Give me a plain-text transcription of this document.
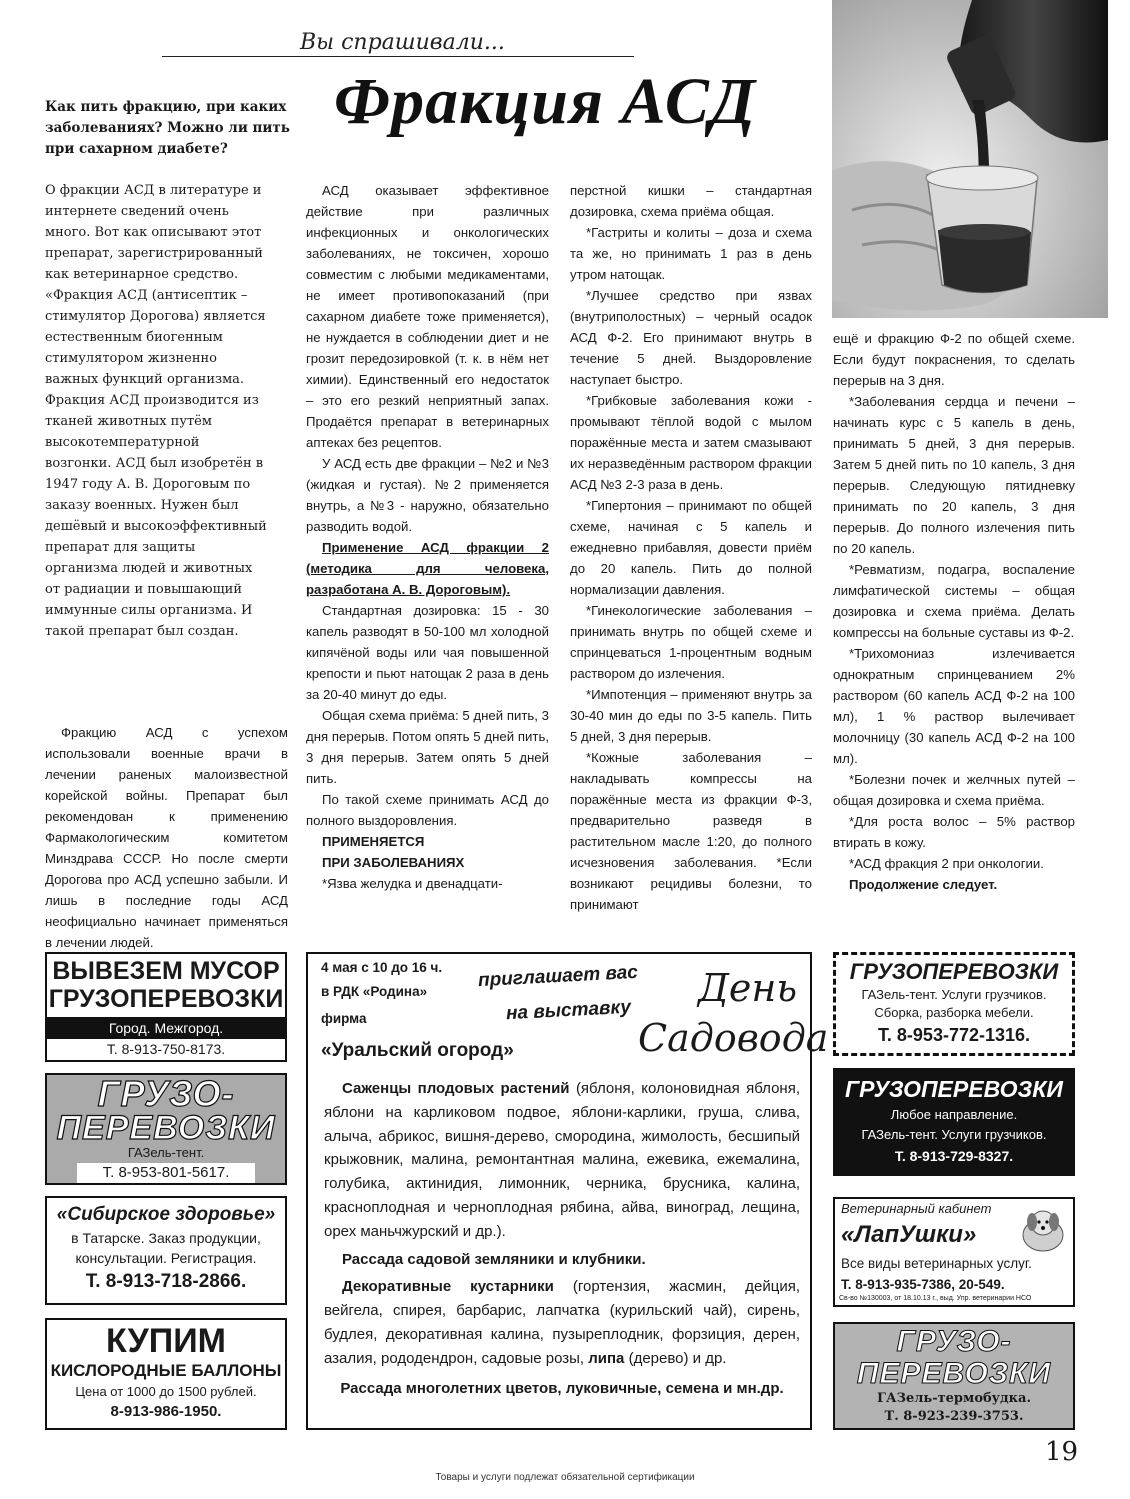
Вы спрашивали...
Фракция АСД
Как пить фракцию, при каких заболеваниях? Можно ли пить при сахарном диабете?

О фракции АСД в литературе и интернете сведений очень много. Вот как описывают этот препарат, зарегистрированный как ветеринарное средство. «Фракция АСД (антисептик – стимулятор Дорогова) является естественным биогенным стимулятором жизненно важных функций организма. Фракция АСД производится из тканей животных путём высокотемпературной возгонки. АСД был изобретён в 1947 году А. В. Дороговым по заказу военных. Нужен был дешёвый и высокоэффективный препарат для защиты организма людей и животных от радиации и повышающий иммунные силы организма. И такой препарат был создан.

Фракцию АСД с успехом использовали военные врачи в лечении раненых малоизвестной корейской войны. Препарат был рекомендован к применению Фармакологическим комитетом Минздрава СССР. Но после смерти Дорогова про АСД успешно забыли. И лишь в последние годы АСД неофициально начинает применяться в лечении людей.

АСД оказывает эффективное действие при различных инфекционных и онкологических заболеваниях, не токсичен, хорошо совместим с любыми медикаментами, не имеет противопоказаний (при сахарном диабете тоже применяется), не нуждается в соблюдении диет и не грозит передозировкой (т. к. в нём нет химии). Единственный его недостаток – это его резкий неприятный запах. Продаётся препарат в ветеринарных аптеках без рецептов.

У АСД есть две фракции – №2 и №3 (жидкая и густая). №2 применяется внутрь, а №3 - наружно, обязательно разводить водой.

Применение АСД фракции 2 (методика для человека, разработана А. В. Дороговым).

Стандартная дозировка: 15 - 30 капель разводят в 50-100 мл холодной кипячёной воды или чая повышенной крепости и пьют натощак 2 раза в день за 20-40 минут до еды.

Общая схема приёма: 5 дней пить, 3 дня перерыв. Потом опять 5 дней пить, 3 дня перерыв. Затем опять 5 дней пить.

По такой схеме принимать АСД до полного выздоровления.

ПРИМЕНЯЕТСЯ

ПРИ ЗАБОЛЕВАНИЯХ

*Язва желудка и двенадцати-

перстной кишки – стандартная дозировка, схема приёма общая.

*Гастриты и колиты – доза и схема та же, но принимать 1 раз в день утром натощак.

*Лучшее средство при язвах (внутриполостных) – черный осадок АСД Ф-2. Его принимают внутрь в течение 5 дней. Выздоровление наступает быстро.

*Грибковые заболевания кожи - промывают тёплой водой с мылом поражённые места и затем смазывают их неразведённым раствором фракции АСД №3 2-3 раза в день.

*Гипертония – принимают по общей схеме, начиная с 5 капель и ежедневно прибавляя, довести приём до 20 капель. Пить до полной нормализации давления.

*Гинекологические заболевания – принимать внутрь по общей схеме и спринцеваться 1-процентным водным раствором до излечения.

*Импотенция – применяют внутрь за 30-40 мин до еды по 3-5 капель. Пить 5 дней, 3 дня перерыв.

*Кожные заболевания – накладывать компрессы на поражённые места из фракции Ф-3, предварительно разведя в растительном масле 1:20, до полного исчезновения заболевания. *Если возникают рецидивы болезни, то принимают

ещё и фракцию Ф-2 по общей схеме. Если будут покраснения, то сделать перерыв на 3 дня.

*Заболевания сердца и печени – начинать курс с 5 капель в день, принимать 5 дней, 3 дня перерыв. Затем 5 дней пить по 10 капель, 3 дня перерыв. Следующую пятидневку принимать по 20 капель, 3 дня перерыв. До полного излечения пить по 20 капель.

*Ревматизм, подагра, воспаление лимфатической системы – общая дозировка и схема приёма. Делать компрессы на больные суставы из Ф-2.

*Трихомониаз излечивается однократным спринцеванием 2% раствором (60 капель АСД Ф-2 на 100 мл), 1 % раствор вылечивает молочницу (30 капель АСД Ф-2 на 100 мл).

*Болезни почек и желчных путей – общая дозировка и схема приёма.

*Для роста волос – 5% раствор втирать в кожу.

*АСД фракция 2 при онкологии.

Продолжение следует.

ВЫВЕЗЕМ МУСОР
ГРУЗОПЕРЕВОЗКИ
Город. Межгород.
Т. 8-913-750-8173.
ГРУЗО-
ПЕРЕВОЗКИ
ГАЗель-тент.
Т. 8-953-801-5617.
«Сибирское здоровье»
в Татарске. Заказ продукции,
консультации. Регистрация.
Т. 8-913-718-2866.
КУПИМ
КИСЛОРОДНЫЕ БАЛЛОНЫ
Цена от 1000 до 1500 рублей.
8-913-986-1950.
4 мая с 10 до 16 ч.
в РДК «Родина»
фирма
«Уральский огород»
приглашает вас
на выставку
День
Садовода

Саженцы плодовых растений (яблоня, колоновидная яблоня, яблони на карликовом подвое, яблони-карлики, груша, слива, алыча, абрикос, вишня-дерево, смородина, жимолость, бесшипый крыжовник, малина, ремонтантная малина, ежевика, ежемалина, голубика, актинидия, лимонник, черника, брусника, калина, красноплодная и черноплодная рябина, айва, виноград, лещина, орех маньчжурский и др.).

Рассада садовой земляники и клубники.

Декоративные кустарники (гортензия, жасмин, дейция, вейгела, спирея, барбарис, лапчатка (курильский чай), сирень, будлея, декоративная калина, пузыреплодник, форзиция, дерен, азалия, рододендрон, садовые розы, липа (дерево) и др.

Рассада многолетних цветов, луковичные, семена и мн.др.

ГРУЗОПЕРЕВОЗКИ
ГАЗель-тент. Услуги грузчиков.
Сборка, разборка мебели.
Т. 8-953-772-1316.
ГРУЗОПЕРЕВОЗКИ
Любое направление.
ГАЗель-тент. Услуги грузчиков.
Т. 8-913-729-8327.
Ветеринарный кабинет
«ЛапУшки»
Все виды ветеринарных услуг.
Т. 8-913-935-7386, 20-549.
Св-во №130003, от 18.10.13 г., выд. Упр. ветеринарии НСО
ГРУЗО-
ПЕРЕВОЗКИ
ГАЗель-термобудка.
Т. 8-923-239-3753.
Товары и услуги подлежат обязательной сертификации
19
